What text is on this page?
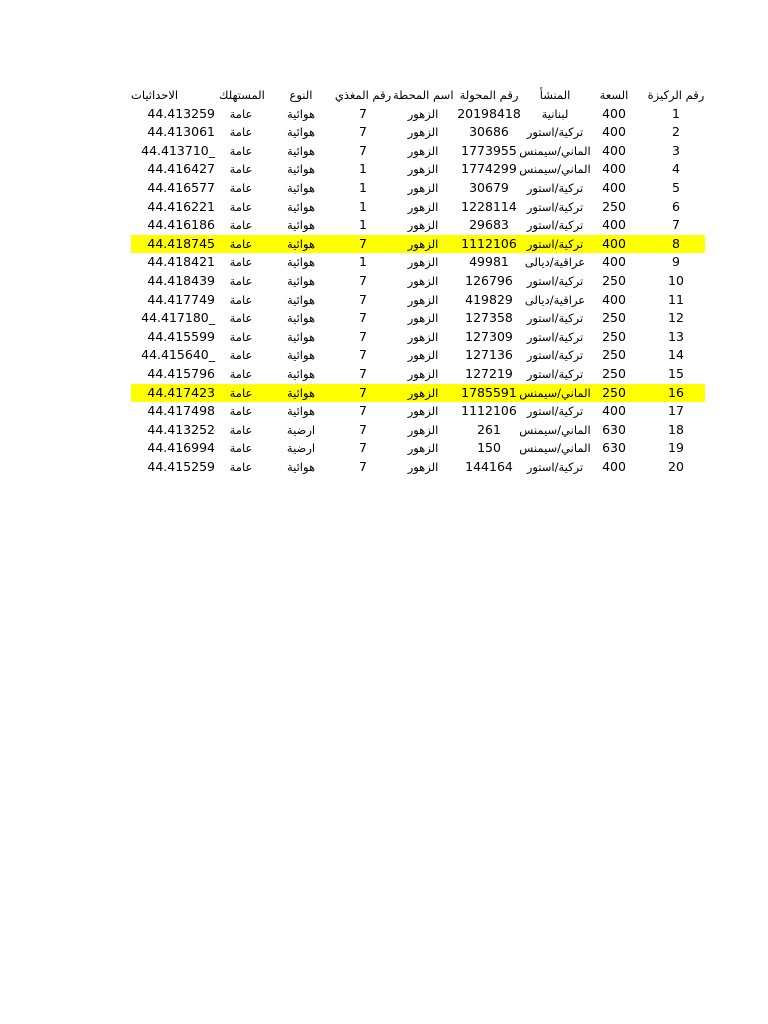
رقم الركيزة
السعة
المنشأ
رقم المحولة
اسم المحطة
رقم المغذي
النوع
المستهلك
الاحداثيات
1
400
لبنانية
20198418
الزهور
7
هوائية
عامة
44.413259
2
400
تركية/استور
30686
الزهور
7
هوائية
عامة
44.413061
3
400
الماني/سيمنس
1773955
الزهور
7
هوائية
عامة
44.413710_
4
400
الماني/سيمنس
1774299
الزهور
1
هوائية
عامة
44.416427
5
400
تركية/استور
30679
الزهور
1
هوائية
عامة
44.416577
6
250
تركية/استور
1228114
الزهور
1
هوائية
عامة
44.416221
7
400
تركية/استور
29683
الزهور
1
هوائية
عامة
44.416186
8
400
تركية/استور
1112106
الزهور
7
هوائية
عامة
44.418745
9
400
عراقية/ديالى
49981
الزهور
1
هوائية
عامة
44.418421
10
250
تركية/استور
126796
الزهور
7
هوائية
عامة
44.418439
11
400
عراقية/ديالى
419829
الزهور
7
هوائية
عامة
44.417749
12
250
تركية/استور
127358
الزهور
7
هوائية
عامة
44.417180_
13
250
تركية/استور
127309
الزهور
7
هوائية
عامة
44.415599
14
250
تركية/استور
127136
الزهور
7
هوائية
عامة
44.415640_
15
250
تركية/استور
127219
الزهور
7
هوائية
عامة
44.415796
16
250
الماني/سيمنس
1785591
الزهور
7
هوائية
عامة
44.417423
17
400
تركية/استور
1112106
الزهور
7
هوائية
عامة
44.417498
18
630
الماني/سيمنس
261
الزهور
7
ارضية
عامة
44.413252
19
630
الماني/سيمنس
150
الزهور
7
ارضية
عامة
44.416994
20
400
تركية/استور
144164
الزهور
7
هوائية
عامة
44.415259
